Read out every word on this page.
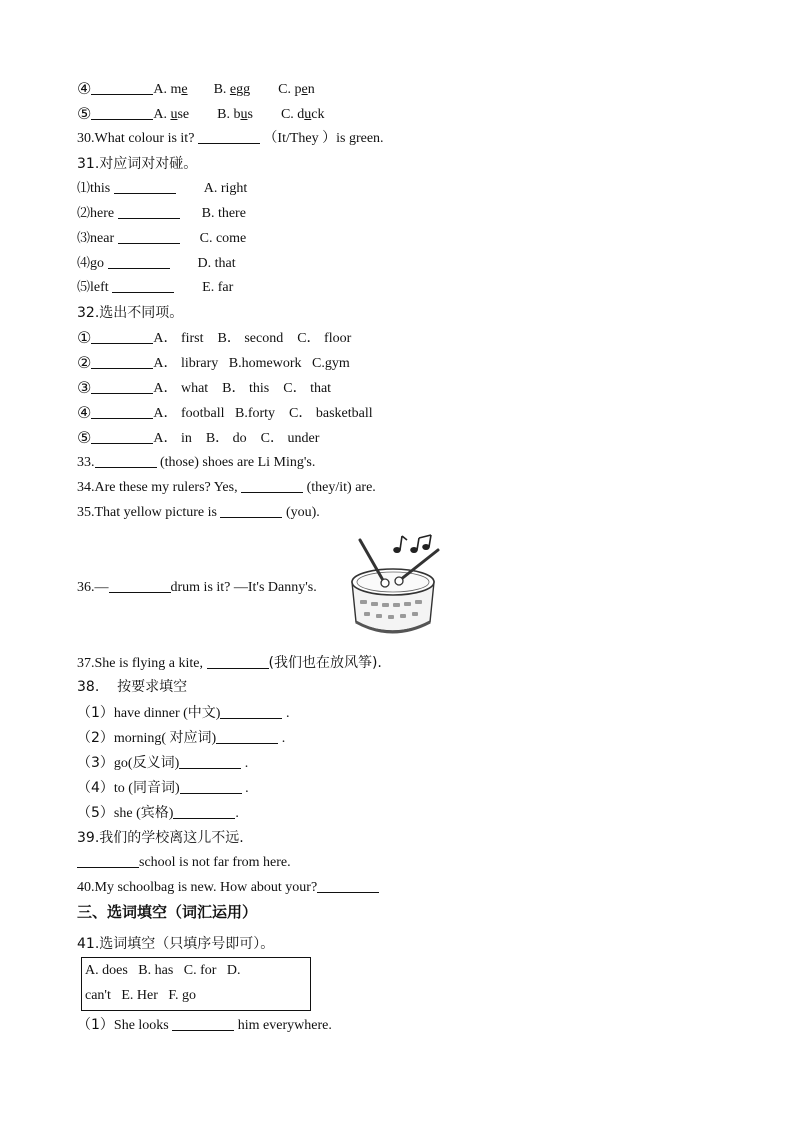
④	A. me B. egg C. pen
⑤	A. use B. bus C. duck
30.What colour is it?	（It/They ）is green.
31.对应词对对碰。
⑴this	A. right
⑵here	B. there
⑶near	C. come
⑷go	D. that
⑸left	E. far
32.选出不同项。
①	A． first    B． second    C． floor
②	A． library   B.homework   C.gym
③	A． what    B． this    C． that
④	A． football   B.forty    C． basketball
⑤	A． in    B． do    C． under
33.	(those) shoes are Li Ming's.
34.Are these my rulers? Yes,	(they/it) are.
35.That yellow picture is	(you).
36.—	drum is it? —It's Danny's.
37.She is flying a kite,	(我们也在放风筝).
38.    按要求填空
（1）have dinner (中文)	.
（2）morning( 对应词)	.
（3）go(反义词)	.
（4）to (同音词)	.
（5）she (宾格)	.
39.我们的学校离这儿不远.
school is not far from here.
40.My schoolbag is new. How about your?
三、选词填空（词汇运用）
41.选词填空（只填序号即可）。
A. does   B. has   C. for   D.
can't   E. Her   F. go
（1）She looks	him everywhere.
